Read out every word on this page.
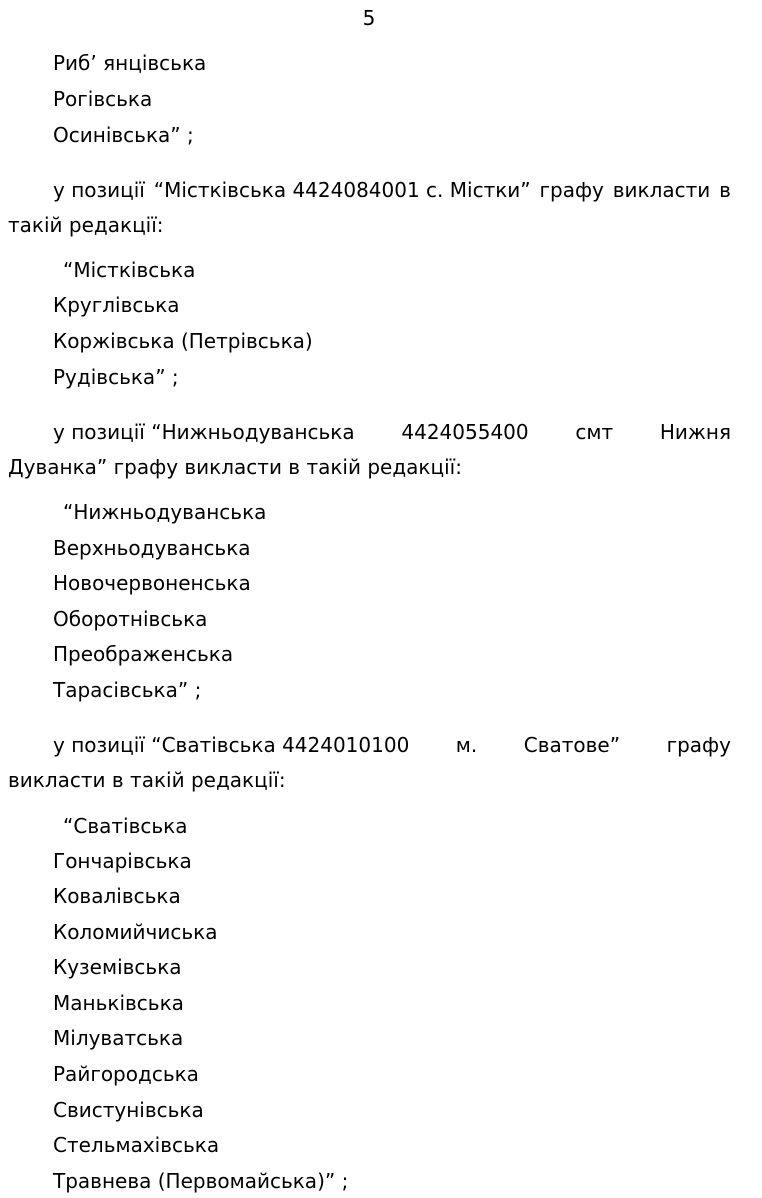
5
Риб’ янцівська
Рогівська
Осинівська” ;
у позиції “Містківська 4424084001 с. Містки” графу викласти в
такій редакції:
“Містківська
Круглівська
Коржівська (Петрівська)
Рудівська” ;
у позиції “Нижньодуванська 4424055400 смт Нижня
Дуванка” графу викласти в такій редакції:
“Нижньодуванська
Верхньодуванська
Новочервоненська
Оборотнівська
Преображенська
Тарасівська” ;
у позиції “Сватівська 4424010100 м. Сватове” графу
викласти в такій редакції:
“Сватівська
Гончарівська
Ковалівська
Коломийчиська
Куземівська
Маньківська
Мілуватська
Райгородська
Свистунівська
Стельмахівська
Травнева (Первомайська)” ;
